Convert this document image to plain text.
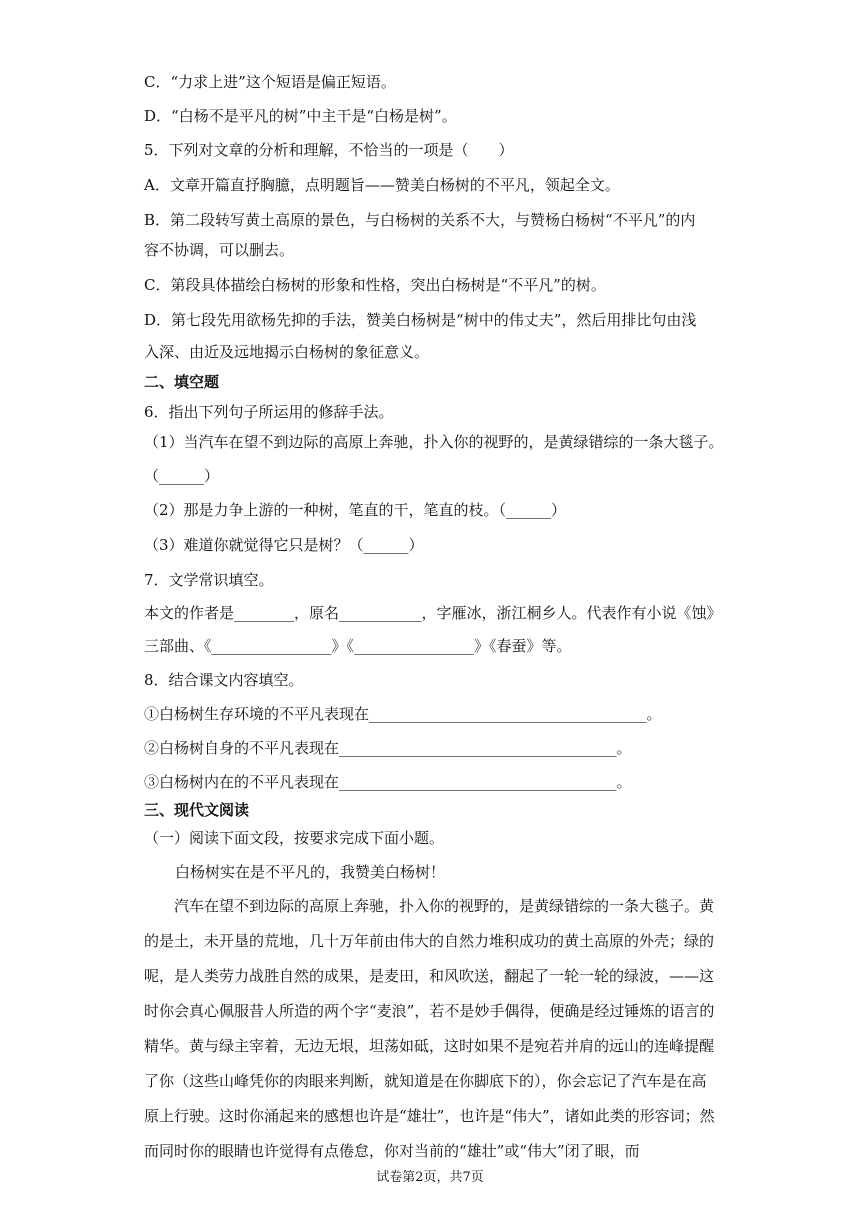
C．“力求上进”这个短语是偏正短语。
D．“白杨不是平凡的树”中主干是“白杨是树”。
5．下列对文章的分析和理解，不恰当的一项是（　　）
A．文章开篇直抒胸臆，点明题旨——赞美白杨树的不平凡，领起全文。
B．第二段转写黄土高原的景色，与白杨树的关系不大，与赞杨白杨树“不平凡”的内
容不协调，可以删去。
C．第段具体描绘白杨树的形象和性格，突出白杨树是“不平凡”的树。
D．第七段先用欲杨先抑的手法，赞美白杨树是“树中的伟丈夫”，然后用排比句由浅
入深、由近及远地揭示白杨树的象征意义。
二、填空题
6．指出下列句子所运用的修辞手法。
（1）当汽车在望不到边际的高原上奔驰，扑入你的视野的，是黄绿错综的一条大毯子。
（______）
（2）那是力争上游的一种树，笔直的干，笔直的枝。（______）
（3）难道你就觉得它只是树？（______）
7．文学常识填空。
本文的作者是________，原名___________，字雁冰，浙江桐乡人。代表作有小说《蚀》
三部曲、《________________》《________________》《春蚕》等。
8．结合课文内容填空。
①白杨树生存环境的不平凡表现在_____________________________________。
②白杨树自身的不平凡表现在_____________________________________。
③白杨树内在的不平凡表现在_____________________________________。
三、现代文阅读
（一）阅读下面文段，按要求完成下面小题。
白杨树实在是不平凡的，我赞美白杨树！
汽车在望不到边际的高原上奔驰，扑入你的视野的，是黄绿错综的一条大毯子。黄的是土，未开垦的荒地，几十万年前由伟大的自然力堆积成功的黄土高原的外壳；绿的呢，是人类劳力战胜自然的成果，是麦田，和风吹送，翻起了一轮一轮的绿波，——这时你会真心佩服昔人所造的两个字“麦浪”，若不是妙手偶得，便确是经过锤炼的语言的精华。黄与绿主宰着，无边无垠，坦荡如砥，这时如果不是宛若并肩的远山的连峰提醒了你（这些山峰凭你的肉眼来判断，就知道是在你脚底下的），你会忘记了汽车是在高原上行驶。这时你涌起来的感想也许是“雄壮”，也许是“伟大”，诸如此类的形容词；然而同时你的眼睛也许觉得有点倦怠，你对当前的“雄壮”或“伟大”闭了眼，而
试卷第2页，共7页
